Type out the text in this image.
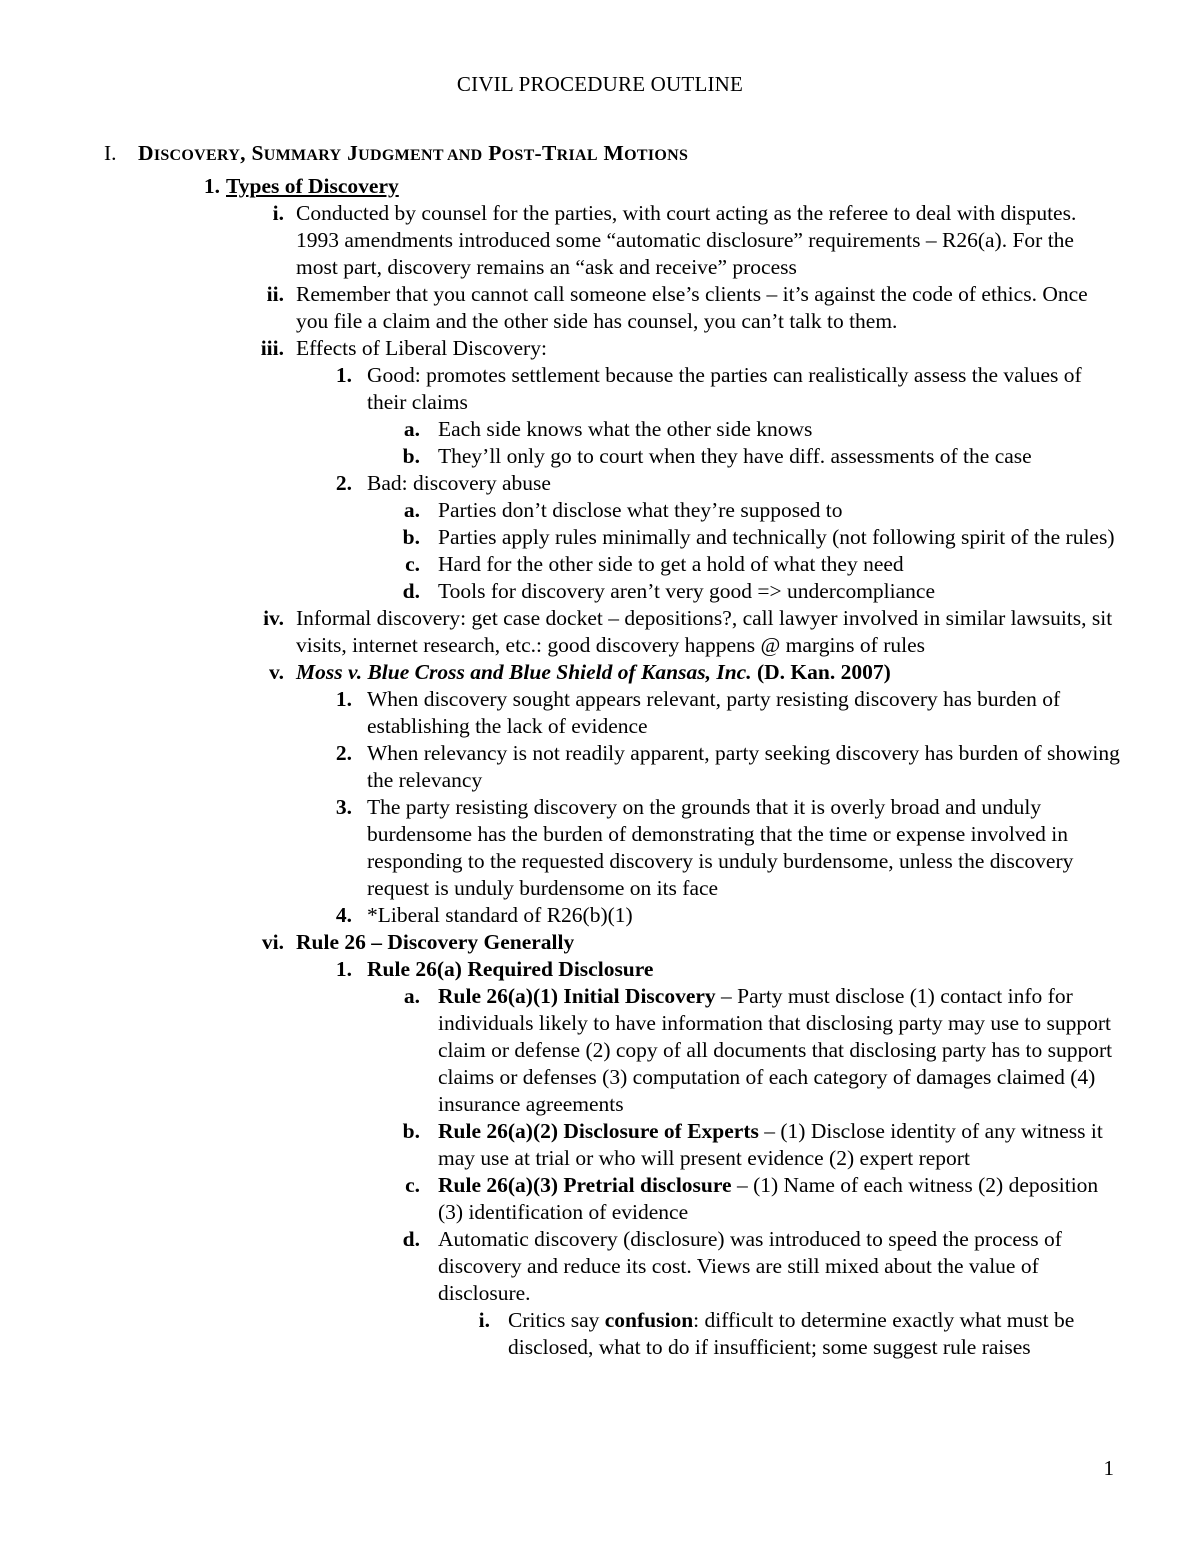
CIVIL PROCEDURE OUTLINE
I. DISCOVERY, SUMMARY JUDGMENT AND POST-TRIAL MOTIONS
1. Types of Discovery
i. Conducted by counsel for the parties, with court acting as the referee to deal with disputes. 1993 amendments introduced some “automatic disclosure” requirements – R26(a). For the most part, discovery remains an “ask and receive” process
ii. Remember that you cannot call someone else’s clients – it’s against the code of ethics. Once you file a claim and the other side has counsel, you can’t talk to them.
iii. Effects of Liberal Discovery:
1. Good: promotes settlement because the parties can realistically assess the values of their claims
a. Each side knows what the other side knows
b. They’ll only go to court when they have diff. assessments of the case
2. Bad: discovery abuse
a. Parties don’t disclose what they’re supposed to
b. Parties apply rules minimally and technically (not following spirit of the rules)
c. Hard for the other side to get a hold of what they need
d. Tools for discovery aren’t very good => undercompliance
iv. Informal discovery: get case docket – depositions?, call lawyer involved in similar lawsuits, sit visits, internet research, etc.: good discovery happens @ margins of rules
v. Moss v. Blue Cross and Blue Shield of Kansas, Inc. (D. Kan. 2007)
1. When discovery sought appears relevant, party resisting discovery has burden of establishing the lack of evidence
2. When relevancy is not readily apparent, party seeking discovery has burden of showing the relevancy
3. The party resisting discovery on the grounds that it is overly broad and unduly burdensome has the burden of demonstrating that the time or expense involved in responding to the requested discovery is unduly burdensome, unless the discovery request is unduly burdensome on its face
4. *Liberal standard of R26(b)(1)
vi. Rule 26 – Discovery Generally
1. Rule 26(a) Required Disclosure
a. Rule 26(a)(1) Initial Discovery – Party must disclose (1) contact info for individuals likely to have information that disclosing party may use to support claim or defense (2) copy of all documents that disclosing party has to support claims or defenses (3) computation of each category of damages claimed (4) insurance agreements
b. Rule 26(a)(2) Disclosure of Experts – (1) Disclose identity of any witness it may use at trial or who will present evidence (2) expert report
c. Rule 26(a)(3) Pretrial disclosure – (1) Name of each witness (2) deposition (3) identification of evidence
d. Automatic discovery (disclosure) was introduced to speed the process of discovery and reduce its cost. Views are still mixed about the value of disclosure.
i. Critics say confusion: difficult to determine exactly what must be disclosed, what to do if insufficient; some suggest rule raises
1
